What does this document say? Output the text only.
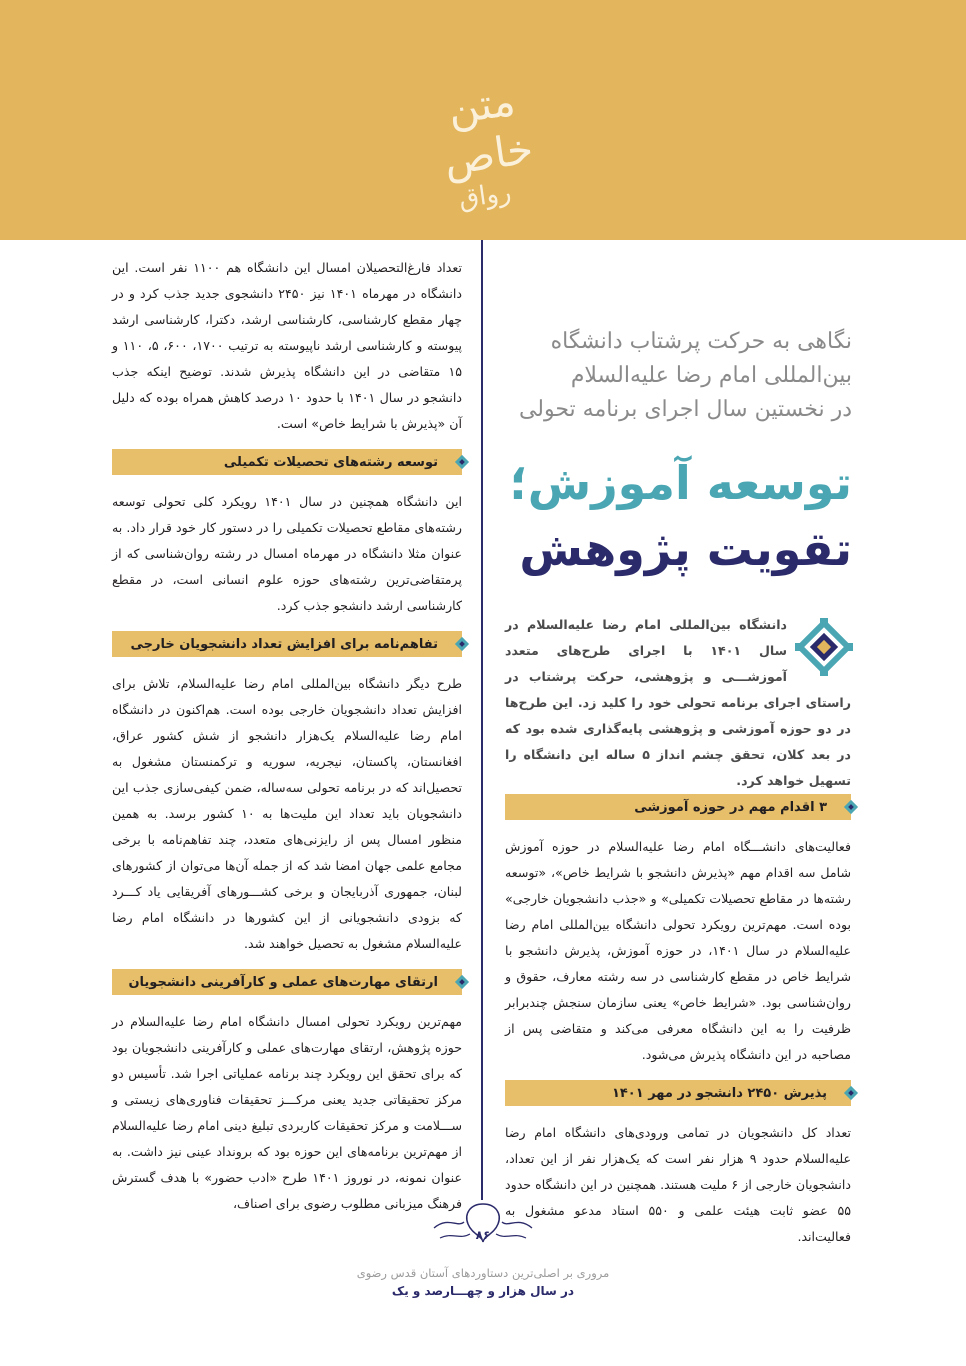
متن خاص
رواق

تعداد فارغ‌التحصیلان امسال این دانشگاه هم ۱۱۰۰ نفر است. این دانشگاه در مهرماه ۱۴۰۱ نیز ۲۴۵۰ دانشجوی جدید جذب کرد و در چهار مقطع کارشناسی، کارشناسی ارشد، دکترا، کارشناسی ارشد پیوسته و کارشناسی ارشد ناپیوسته به ترتیب ۱۷۰۰، ۶۰۰، ۵، ۱۱۰ و ۱۵ متقاضی در این دانشگاه پذیرش شدند. توضیح اینکه جذب دانشجو در سال ۱۴۰۱ با حدود ۱۰ درصد کاهش همراه بوده که دلیل آن «پذیرش با شرایط خاص» است.

توسعه رشته‌های تحصیلات تکمیلی

این دانشگاه همچنین در سال ۱۴۰۱ رویکرد کلی تحولی توسعه رشته‌های مقاطع تحصیلات تکمیلی را در دستور کار خود قرار داد. به عنوان مثلا دانشگاه در مهرماه امسال در رشته روان‌شناسی که از پرمتقاضی‌ترین رشته‌های حوزه علوم انسانی است، در مقطع کارشناسی ارشد دانشجو جذب کرد.

تفاهم‌نامه برای افزایش تعداد دانشجویان خارجی

طرح دیگر دانشگاه بین‌المللی امام رضا علیه‌السلام، تلاش برای افزایش تعداد دانشجویان خارجی بوده است. هم‌اکنون در دانشگاه امام رضا علیه‌السلام یک‌هزار دانشجو از شش کشور عراق، افغانستان، پاکستان، نیجریه، سوریه و ترکمنستان مشغول به تحصیل‌اند که در برنامه تحولی سه‌ساله، ضمن کیفی‌سازی جذب این دانشجویان باید تعداد این ملیت‌ها به ۱۰ کشور برسد. به همین منظور امسال پس از رایزنی‌های متعدد، چند تفاهم‌نامه با برخی مجامع علمی جهان امضا شد که از جمله آن‌ها می‌توان از کشورهای لبنان، جمهوری آذربایجان و برخی کشـــورهای آفریقایی یاد کـــرد که بزودی دانشجویانی از این کشورها در دانشگاه امام رضا علیه‌السلام مشغول به تحصیل خواهند شد.

ارتقای مهارت‌های عملی و کارآفرینی دانشجویان

مهم‌ترین رویکرد تحولی امسال دانشگاه امام رضا علیه‌السلام در حوزه پژوهش، ارتقای مهارت‌های عملی و کارآفرینی دانشجویان بود که برای تحقق این رویکرد چند برنامه عملیاتی اجرا شد. تأسیس دو مرکز تحقیقاتی جدید یعنی مرکـــز تحقیقات فناوری‌های زیستی و ســـلامت و مرکز تحقیقات کاربردی تبلیغ دینی امام رضا علیه‌السلام از مهم‌ترین برنامه‌های این حوزه بود که برونداد عینی نیز داشت. به عنوان نمونه، در نوروز ۱۴۰۱ طرح «ادب حضور» با هدف گسترش فرهنگ میزبانی مطلوب رضوی برای اصناف،

نگاهی به حرکت پرشتاب دانشگاه
بین‌المللی امام رضا علیه‌السلام
در نخستین سال اجرای برنامه تحولی
توسعه آموزش؛
تقویت پژوهش

دانشگاه بین‌المللی امام رضا علیه‌السلام در سال ۱۴۰۱ با اجرای طرح‌های متعدد آموزشـــی و پژوهشی، حرکت پرشتاب در راستای اجرای برنامه تحولی خود را کلید زد. این طرح‌ها در دو حوزه آموزشی و پژوهشی پایه‌گذاری شده بود که در بعد کلان، تحقق چشم انداز ۵ ساله این دانشگاه را تسهیل خواهد کرد.

۳ اقدام مهم در حوزه آموزشی

فعالیت‌های دانشـــگاه امام رضا علیه‌السلام در حوزه آموزش شامل سه اقدام مهم «پذیرش دانشجو با شرایط خاص»، «توسعه رشته‌ها در مقاطع تحصیلات تکمیلی» و «جذب دانشجویان خارجی» بوده است. مهم‌ترین رویکرد تحولی دانشگاه بین‌المللی امام رضا علیه‌السلام در سال ۱۴۰۱، در حوزه آموزش، پذیرش دانشجو با شرایط خاص در مقطع کارشناسی در سه رشته معارف، حقوق و روان‌شناسی بود. «شرایط خاص» یعنی سازمان سنجش چندبرابر ظرفیت را به این دانشگاه معرفی می‌کند و متقاضی پس از مصاحبه در این دانشگاه پذیرش می‌شود.

پذیرش ۲۴۵۰ دانشجو در مهر ۱۴۰۱

تعداد کل دانشجویان در تمامی ورودی‌های دانشگاه امام رضا علیه‌السلام حدود ۹ هزار نفر است که یک‌هزار نفر از این تعداد، دانشجویان خارجی از ۶ ملیت هستند. همچنین در این دانشگاه حدود ۵۵ عضو ثابت هیئت علمی و ۵۵۰ استاد مدعو مشغول به فعالیت‌اند.

۸۶
مروری بر اصلی‌ترین دستاوردهای آستان قدس رضوی
در سال هزار و چهـــارصد و یک
